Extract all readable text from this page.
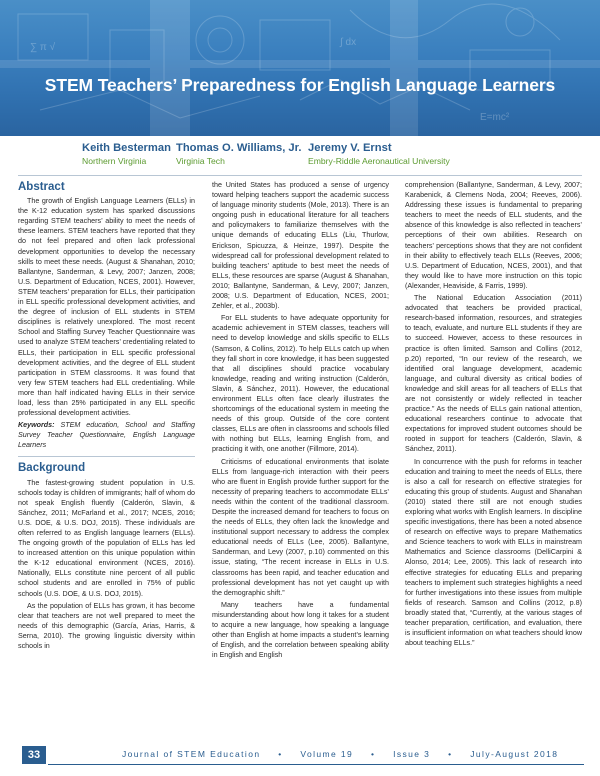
∑ π √
E=mc²
∫ dx
STEM Teachers’ Preparedness for English Language Learners
Keith Besterman
Northern Virginia
Thomas O. Williams, Jr.
Virginia Tech
Jeremy V. Ernst
Embry-Riddle Aeronautical University
Abstract

The growth of English Language Learners (ELLs) in the K-12 education system has sparked discussions regarding STEM teachers’ ability to meet the needs of these learners. STEM teachers have reported that they do not feel prepared and often lack professional development opportunities to develop the necessary skills to meet these needs. (August & Shanahan, 2010; Ballantyne, Sanderman, & Levy, 2007; Janzen, 2008; U.S. Department of Education, NCES, 2001). However, STEM teachers’ preparation for ELLs, their participation in ELL specific professional development activities, and the degree of inclusion of ELL students in STEM disciplines is relatively unexplored. The most recent School and Staffing Survey Teacher Questionnaire was used to analyze STEM teachers’ credentialing related to ELLs, their participation in ELL specific professional development activities, and the degree of ELL student participation in STEM classrooms. It was found that very few STEM teachers had ELL credentialing. While more than half indicated having ELLs in their service load, less than 25% participated in any ELL specific professional development activities.

Keywords: STEM education, School and Staffing Survey Teacher Questionnaire, English Language Learners

Background

The fastest-growing student population in U.S. schools today is children of immigrants; half of whom do not speak English fluently (Calderón, Slavin, & Sánchez, 2011; McFarland et al., 2017; NCES, 2016; U.S. DOE, & U.S. DOJ, 2015). These individuals are often referred to as English language learners (ELLs). The ongoing growth of the population of ELLs has led to increased attention on this unique population within the K-12 educational environment (NCES, 2016). Nationally, ELLs constitute nine percent of all public school students and are enrolled in 75% of public schools (U.S. DOE, & U.S. DOJ, 2015).

As the population of ELLs has grown, it has become clear that teachers are not well prepared to meet the needs of this demographic (García, Arias, Harris, & Serna, 2010). The growing linguistic diversity within schools in

the United States has produced a sense of urgency toward helping teachers support the academic success of language minority students (Mole, 2013). There is an ongoing push in educational literature for all teachers and policymakers to familiarize themselves with the unique demands of educating ELLs (Liu, Thurlow, Erickson, Spicuzza, & Heinze, 1997). Despite the widespread call for professional development related to building teachers’ aptitude to best meet the needs of ELLs, these resources are sparse (August & Shanahan, 2010; Ballantyne, Sanderman, & Levy, 2007; Janzen, 2008; U.S. Department of Education, NCES, 2001; Zehler, et al., 2003b).

For ELL students to have adequate opportunity for academic achievement in STEM classes, teachers will need to develop knowledge and skills specific to ELLs (Samson, & Collins, 2012). To help ELLs catch up when they fall short in core knowledge, it has been suggested that all disciplines should practice vocabulary knowledge, reading and writing instruction (Calderón, Slavin, & Sánchez, 2011). However, the educational environment ELLs often face clearly illustrates the shortcomings of the educational system in meeting the needs of this group. Outside of the core content classes, ELLs are often in classrooms and schools filled with nothing but ELLs, learning English from, and practicing it with, one another (Fillmore, 2014).

Criticisms of educational environments that isolate ELLs from language-rich interaction with their peers who are fluent in English provide further support for the necessity of preparing teachers to accommodate ELLs’ needs within the content of the traditional classroom. Despite the increased demand for teachers to focus on the needs of ELLs, they often lack the knowledge and institutional support necessary to address the complex educational needs of ELLs (Lee, 2005). Ballantyne, Sanderman, and Levy (2007, p.10) commented on this issue, stating, “The recent increase in ELLs in U.S. classrooms has been rapid, and teacher education and professional development has not yet caught up with the demographic shift.”

Many teachers have a fundamental misunderstanding about how long it takes for a student to acquire a new language, how speaking a language other than English at home impacts a student’s learning of English, and the correlation between speaking ability in English and English

comprehension (Ballantyne, Sanderman, & Levy, 2007; Karabenick, & Clemens Noda, 2004; Reeves, 2006). Addressing these issues is fundamental to preparing teachers to meet the needs of ELL students, and the absence of this knowledge is also reflected in teachers’ perceptions of their own abilities. Research on teachers’ perceptions shows that they are not confident in their ability to effectively teach ELLs (Reeves, 2006; U.S. Department of Education, NCES, 2001), and that they would like to have more instruction on this topic (Alexander, Heaviside, & Farris, 1999).

The National Education Association (2011) advocated that teachers be provided practical, research-based information, resources, and strategies to teach, evaluate, and nurture ELL students if they are to succeed. However, access to these resources in practice is often limited. Samson and Collins (2012, p.20) reported, “In our review of the research, we identified oral language development, academic language, and cultural diversity as critical bodies of knowledge and skill areas for all teachers of ELLs that are not consistently or widely reflected in teacher practice.” As the needs of ELLs gain national attention, educational researchers continue to advocate that expectations for improved student outcomes should be rooted in support for teachers (Calderón, Slavin, & Sánchez, 2011).

In concurrence with the push for reforms in teacher education and training to meet the needs of ELLs, there is also a call for research on effective strategies for educating this group of students. August and Shanahan (2010) stated there still are not enough studies exploring what works with English learners. In discipline specific investigations, there has been a noted absence of research on effective ways to prepare Mathematics and Science teachers to work with ELLs in mainstream Mathematics and Science classrooms (DelliCarpini & Alonso, 2014; Lee, 2005). This lack of research into effective strategies for educating ELLs and preparing teachers to implement such strategies highlights a need for further investigations into these issues from multiple fields of research. Samson and Collins (2012, p.8) broadly stated that, “Currently, at the various stages of teacher preparation, certification, and evaluation, there is insufficient information on what teachers should know about teaching ELLs.”

33	Journal of STEM Education • Volume 19 • Issue 3 • July-August 2018
